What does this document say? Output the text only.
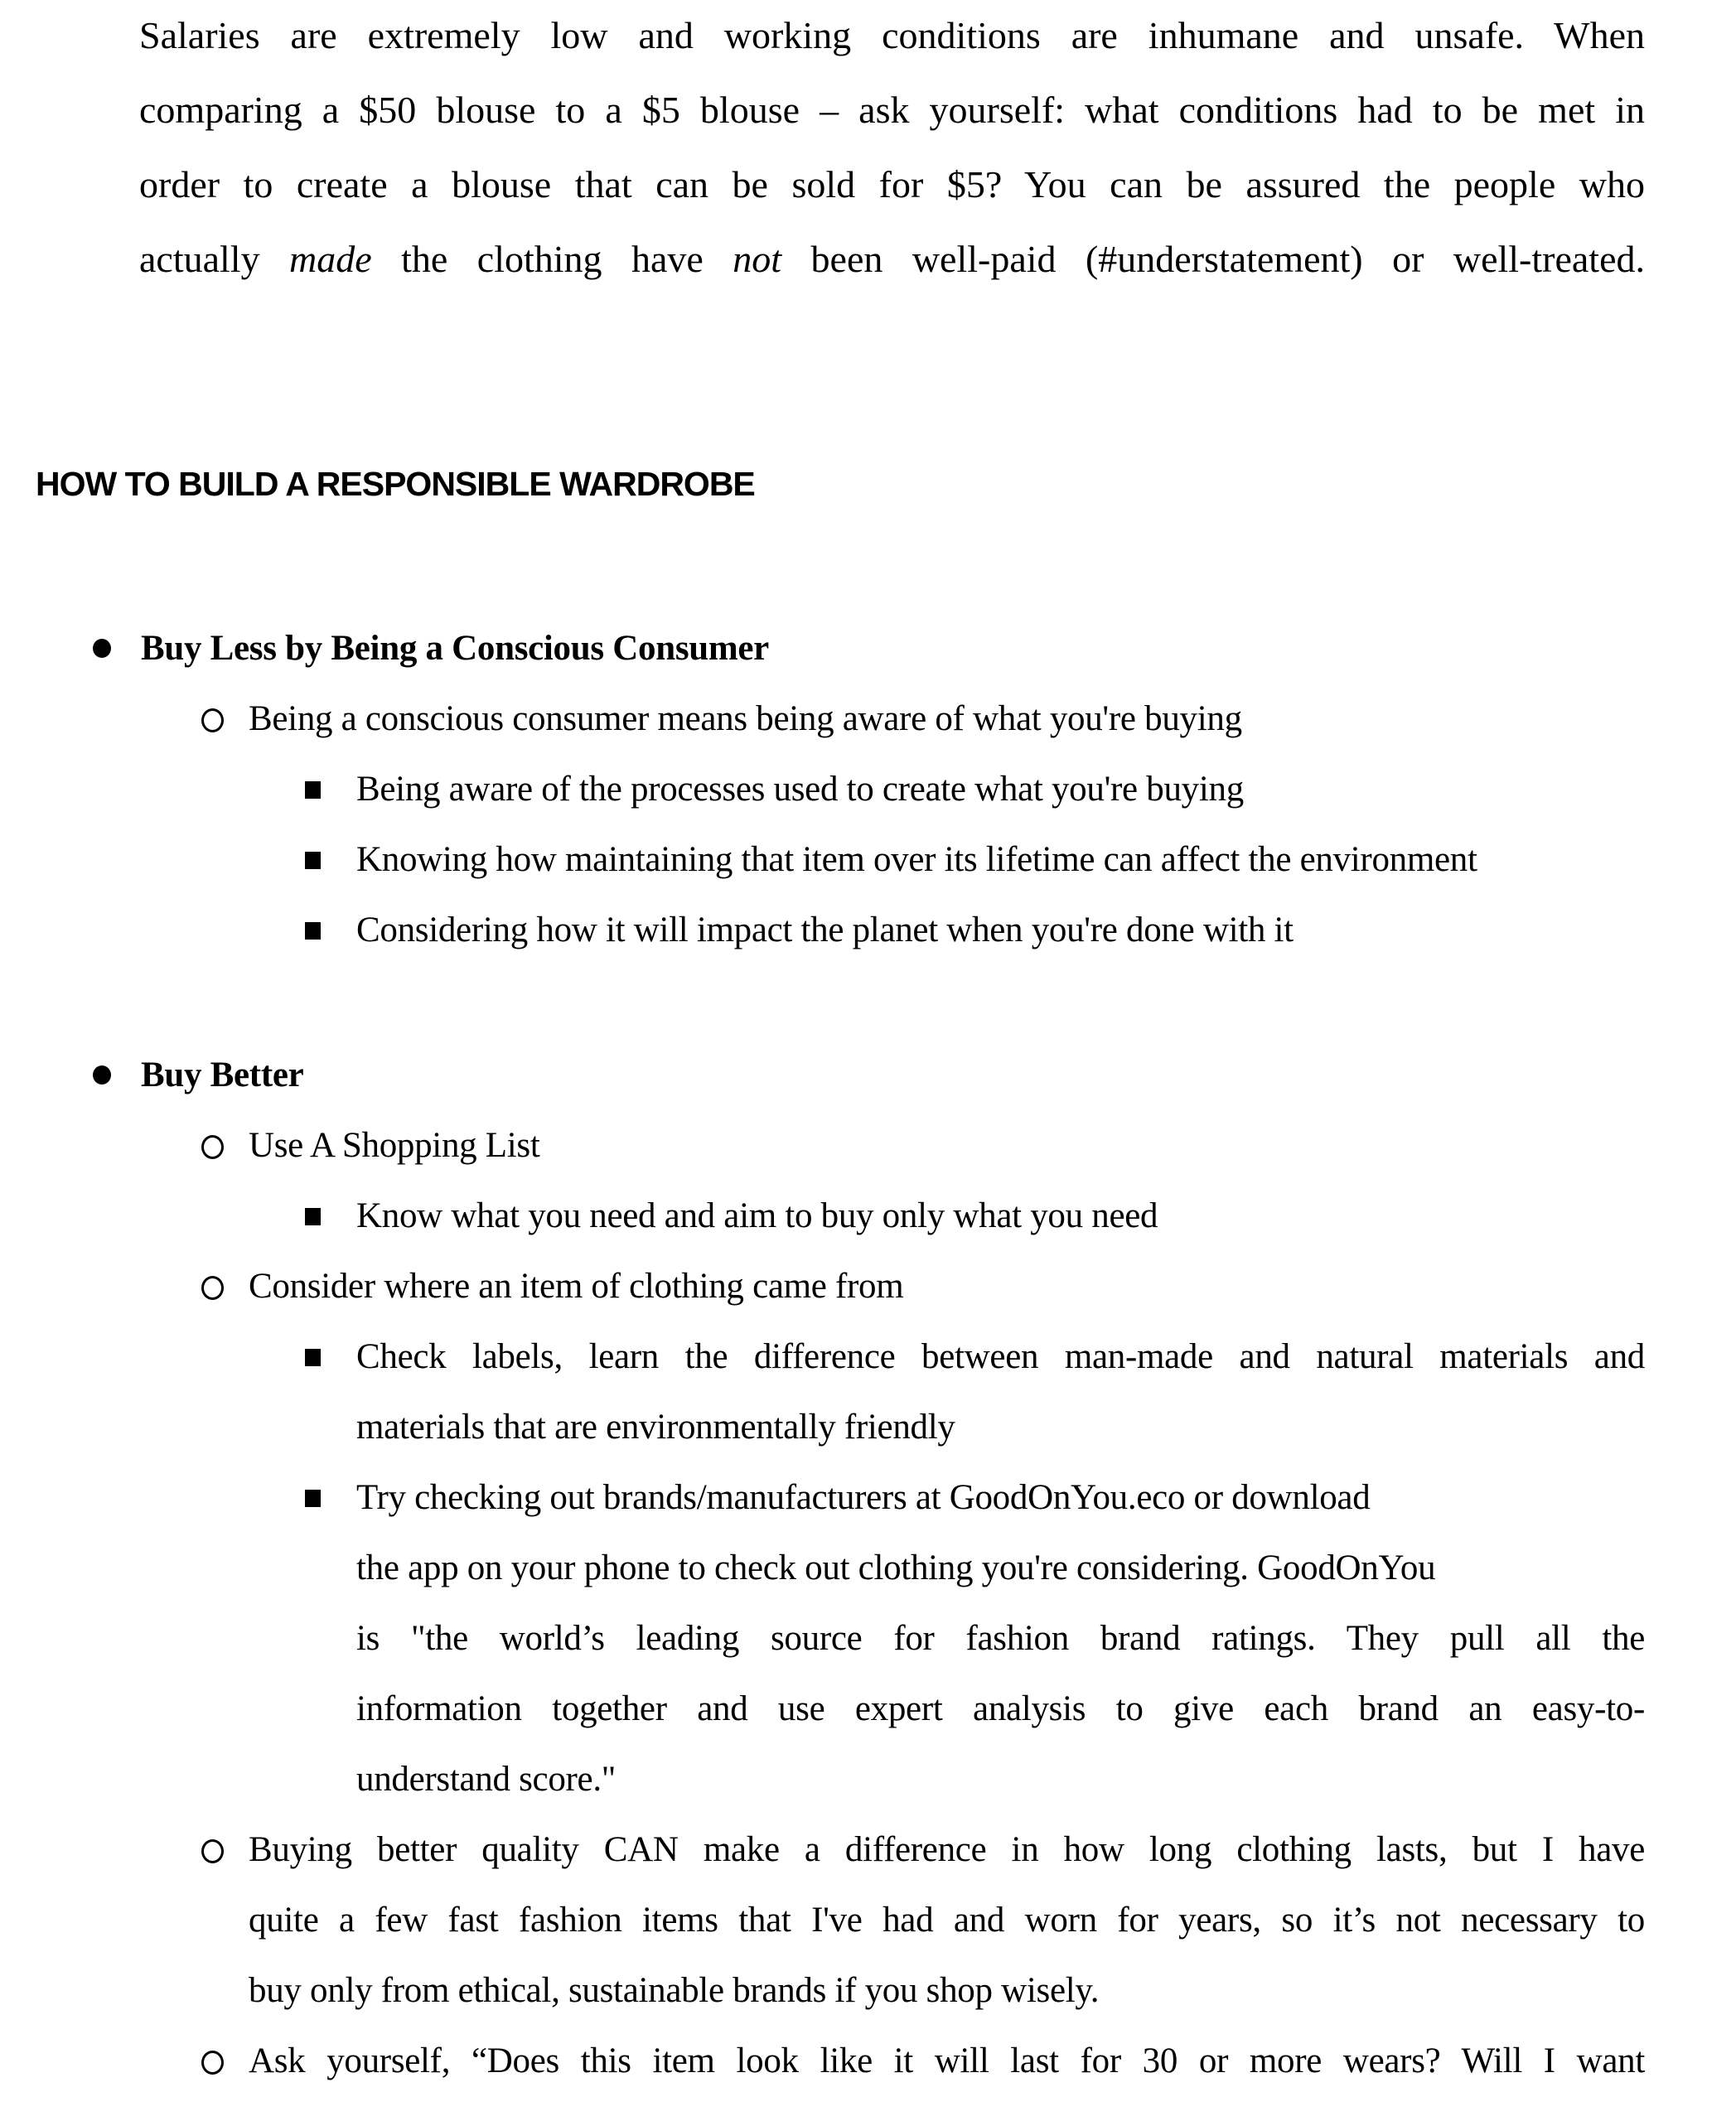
Salaries are extremely low and working conditions are inhumane and unsafe. When
comparing a $50 blouse to a $5 blouse – ask yourself: what conditions had to be met in
order to create a blouse that can be sold for $5? You can be assured the people who
actually made the clothing have not been well-paid (#understatement) or well-treated.
HOW TO BUILD A RESPONSIBLE WARDROBE
Buy Less by Being a Conscious Consumer
Being a conscious consumer means being aware of what you're buying
Being aware of the processes used to create what you're buying
Knowing how maintaining that item over its lifetime can affect the environment
Considering how it will impact the planet when you're done with it
Buy Better
Use A Shopping List
Know what you need and aim to buy only what you need
Consider where an item of clothing came from
Check labels, learn the difference between man-made and natural materials and
materials that are environmentally friendly
Try checking out brands/manufacturers at GoodOnYou.eco or download
the app on your phone to check out clothing you're considering. GoodOnYou
is "the world’s leading source for fashion brand ratings. They pull all the
information together and use expert analysis to give each brand an easy-to-
understand score."
Buying better quality CAN make a difference in how long clothing lasts, but I have
quite a few fast fashion items that I've had and worn for years, so it’s not necessary to
buy only from ethical, sustainable brands if you shop wisely.
Ask yourself, “Does this item look like it will last for 30 or more wears? Will I want
